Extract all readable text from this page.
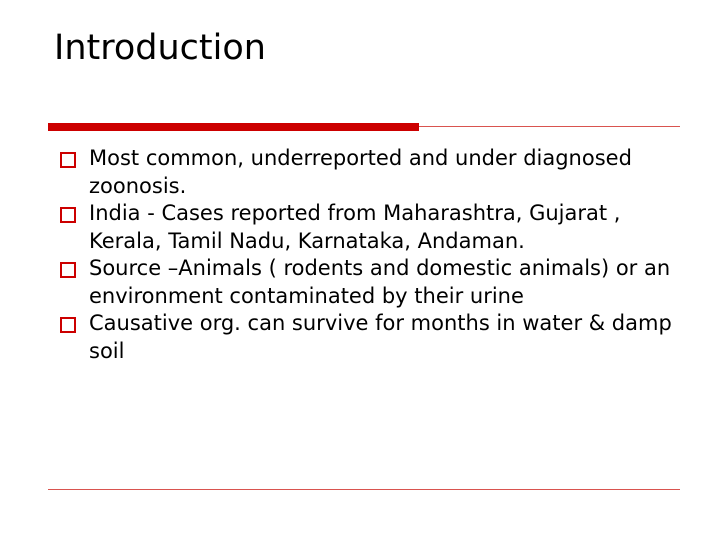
Introduction
Most common, underreported and under diagnosed zoonosis.
India - Cases reported from Maharashtra, Gujarat , Kerala, Tamil Nadu, Karnataka, Andaman.
Source –Animals ( rodents and domestic animals) or an environment contaminated by their urine
Causative org. can survive for months in water & damp soil
